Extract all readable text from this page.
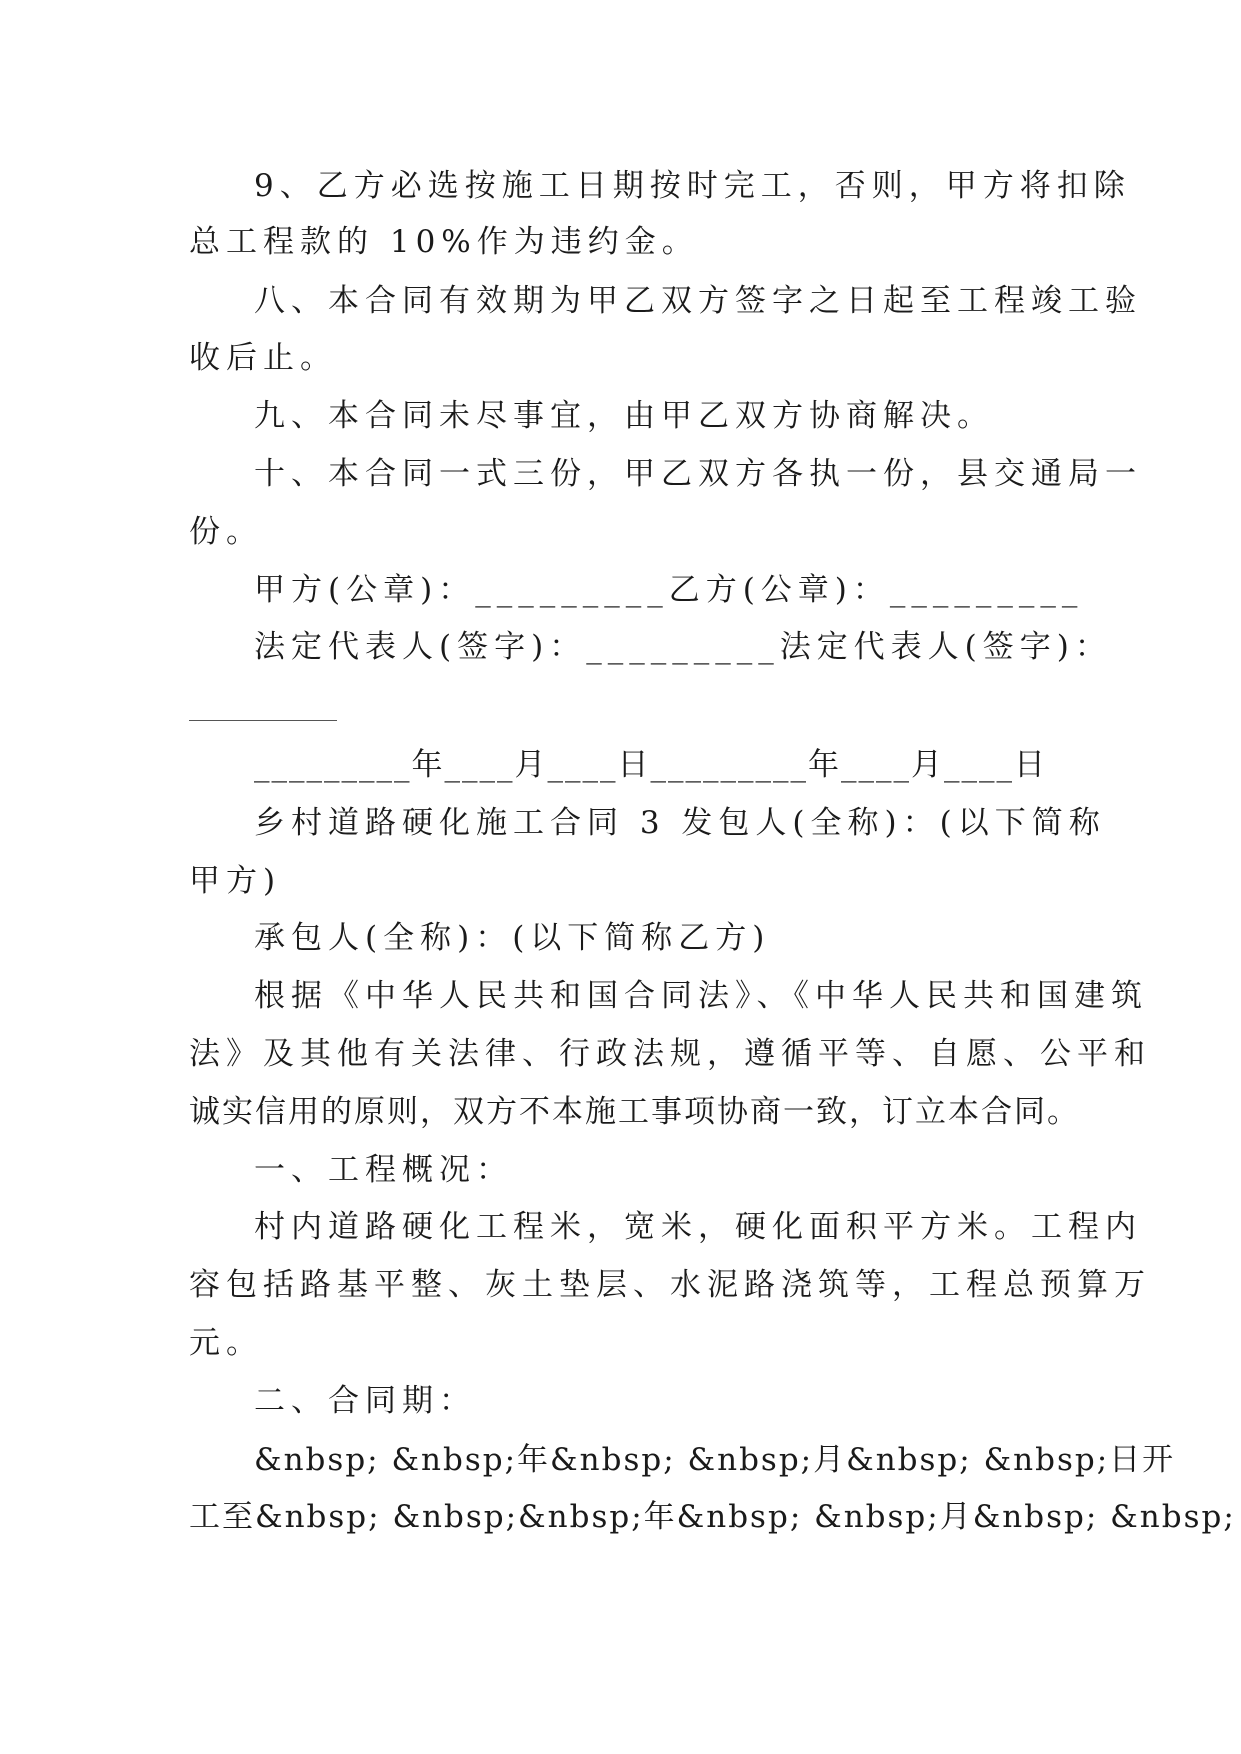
9、乙方必选按施工日期按时完工，否则，甲方将扣除

总工程款的 10%作为违约金。

八、本合同有效期为甲乙双方签字之日起至工程竣工验

收后止。

九、本合同未尽事宜，由甲乙双方协商解决。

十、本合同一式三份，甲乙双方各执一份，县交通局一

份。

甲方(公章)：_________乙方(公章)：_________

法定代表人(签字)：_________法定代表人(签字)：

_________年____月____日_________年____月____日

乡村道路硬化施工合同 3 发包人(全称)：(以下简称

甲方)

承包人(全称)：(以下简称乙方)

根据《中华人民共和国合同法》、《中华人民共和国建筑

法》及其他有关法律、行政法规，遵循平等、自愿、公平和

诚实信用的原则，双方不本施工事项协商一致，订立本合同。

一、工程概况：

村内道路硬化工程米，宽米，硬化面积平方米。工程内

容包括路基平整、灰土垫层、水泥路浇筑等，工程总预算万

元。

二、合同期：

&nbsp; &nbsp;年&nbsp; &nbsp;月&nbsp; &nbsp;日开

工至&nbsp; &nbsp;&nbsp;年&nbsp; &nbsp;月&nbsp; &nbsp;
